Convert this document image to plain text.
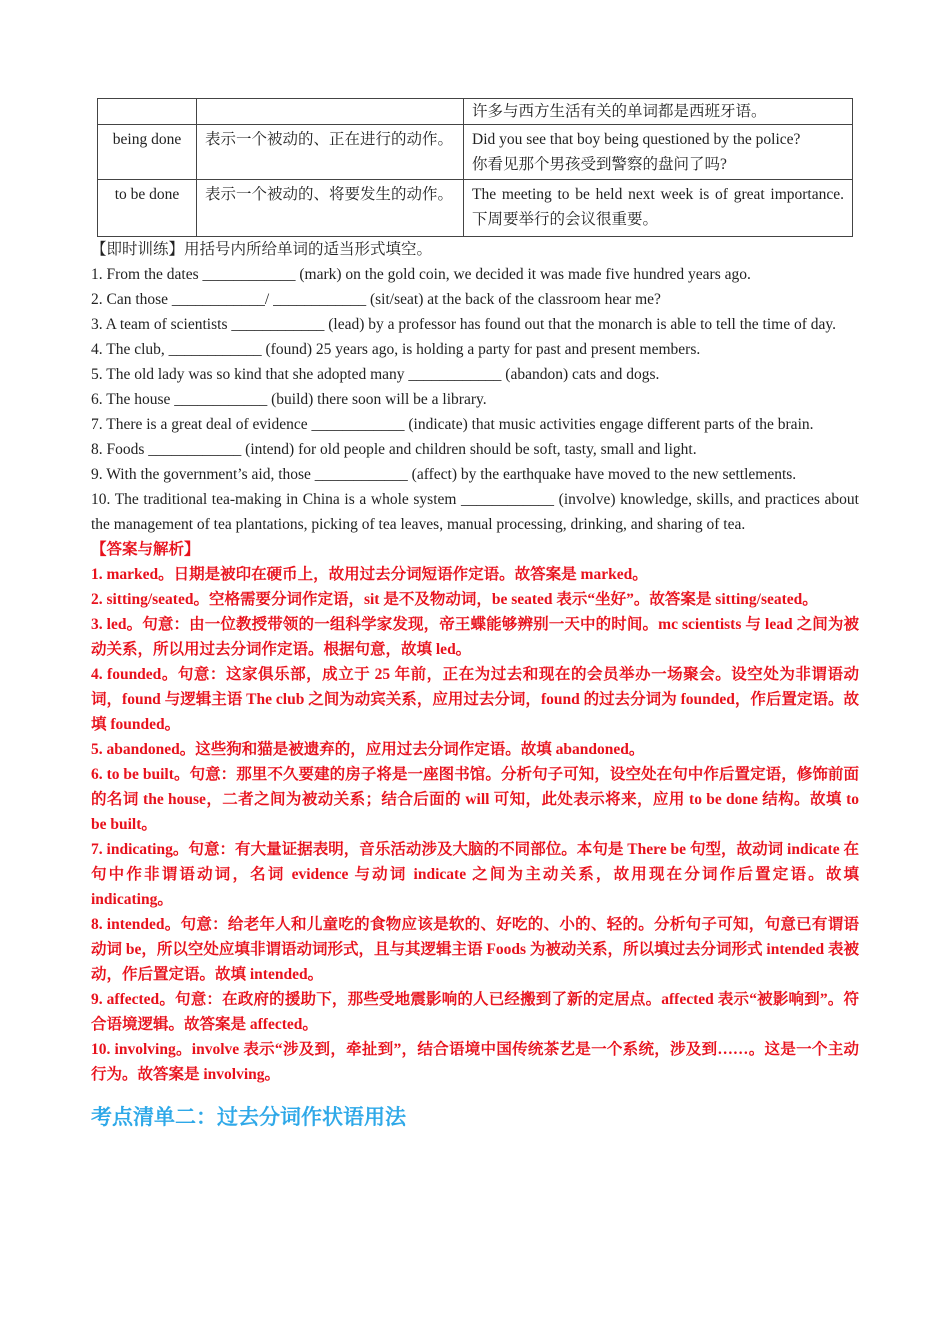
		许多与西方生活有关的单词都是西班牙语。

being done	表示一个被动的、正在进行的动作。	Did you see that boy being questioned by the police?
你看见那个男孩受到警察的盘问了吗?

to be done	表示一个被动的、将要发生的动作。	The meeting to be held next week is of great importance. 下周要举行的会议很重要。

【即时训练】用括号内所给单词的适当形式填空。

1. From the dates ____________ (mark) on the gold coin, we decided it was made five hundred years ago.

2. Can those ____________/ ____________ (sit/seat) at the back of the classroom hear me?

3. A team of scientists ____________ (lead) by a professor has found out that the monarch is able to tell the time of day.

4. The club, ____________ (found) 25 years ago, is holding a party for past and present members.

5. The old lady was so kind that she adopted many ____________ (abandon) cats and dogs.

6. The house ____________ (build) there soon will be a library.

7. There is a great deal of evidence ____________ (indicate) that music activities engage different parts of the brain.

8. Foods ____________ (intend) for old people and children should be soft, tasty, small and light.

9. With the government’s aid, those ____________ (affect) by the earthquake have moved to the new settlements.

10. The traditional tea-making in China is a whole system ____________ (involve) knowledge, skills, and practices about the management of tea plantations, picking of tea leaves, manual processing, drinking, and sharing of tea.

【答案与解析】

1. marked。日期是被印在硬币上，故用过去分词短语作定语。故答案是 marked。

2. sitting/seated。空格需要分词作定语，sit 是不及物动词，be seated 表示“坐好”。故答案是 sitting/seated。

3. led。句意：由一位教授带领的一组科学家发现，帝王蝶能够辨别一天中的时间。mc scientists 与 lead 之间为被动关系，所以用过去分词作定语。根据句意，故填 led。

4. founded。句意：这家俱乐部，成立于 25 年前，正在为过去和现在的会员举办一场聚会。设空处为非谓语动词，found 与逻辑主语 The club 之间为动宾关系，应用过去分词，found 的过去分词为 founded，作后置定语。故填 founded。

5. abandoned。这些狗和猫是被遗弃的，应用过去分词作定语。故填 abandoned。

6. to be built。句意：那里不久要建的房子将是一座图书馆。分析句子可知，设空处在句中作后置定语，修饰前面的名词 the house，二者之间为被动关系；结合后面的 will 可知，此处表示将来，应用 to be done 结构。故填 to be built。

7. indicating。句意：有大量证据表明，音乐活动涉及大脑的不同部位。本句是 There be 句型，故动词 indicate 在句中作非谓语动词，名词 evidence 与动词 indicate 之间为主动关系，故用现在分词作后置定语。故填 indicating。

8. intended。句意：给老年人和儿童吃的食物应该是软的、好吃的、小的、轻的。分析句子可知，句意已有谓语动词 be，所以空处应填非谓语动词形式，且与其逻辑主语 Foods 为被动关系，所以填过去分词形式 intended 表被动，作后置定语。故填 intended。

9. affected。句意：在政府的援助下，那些受地震影响的人已经搬到了新的定居点。affected 表示“被影响到”。符合语境逻辑。故答案是 affected。

10. involving。involve 表示“涉及到，牵扯到”，结合语境中国传统茶艺是一个系统，涉及到……。这是一个主动行为。故答案是 involving。

考点清单二：过去分词作状语用法
